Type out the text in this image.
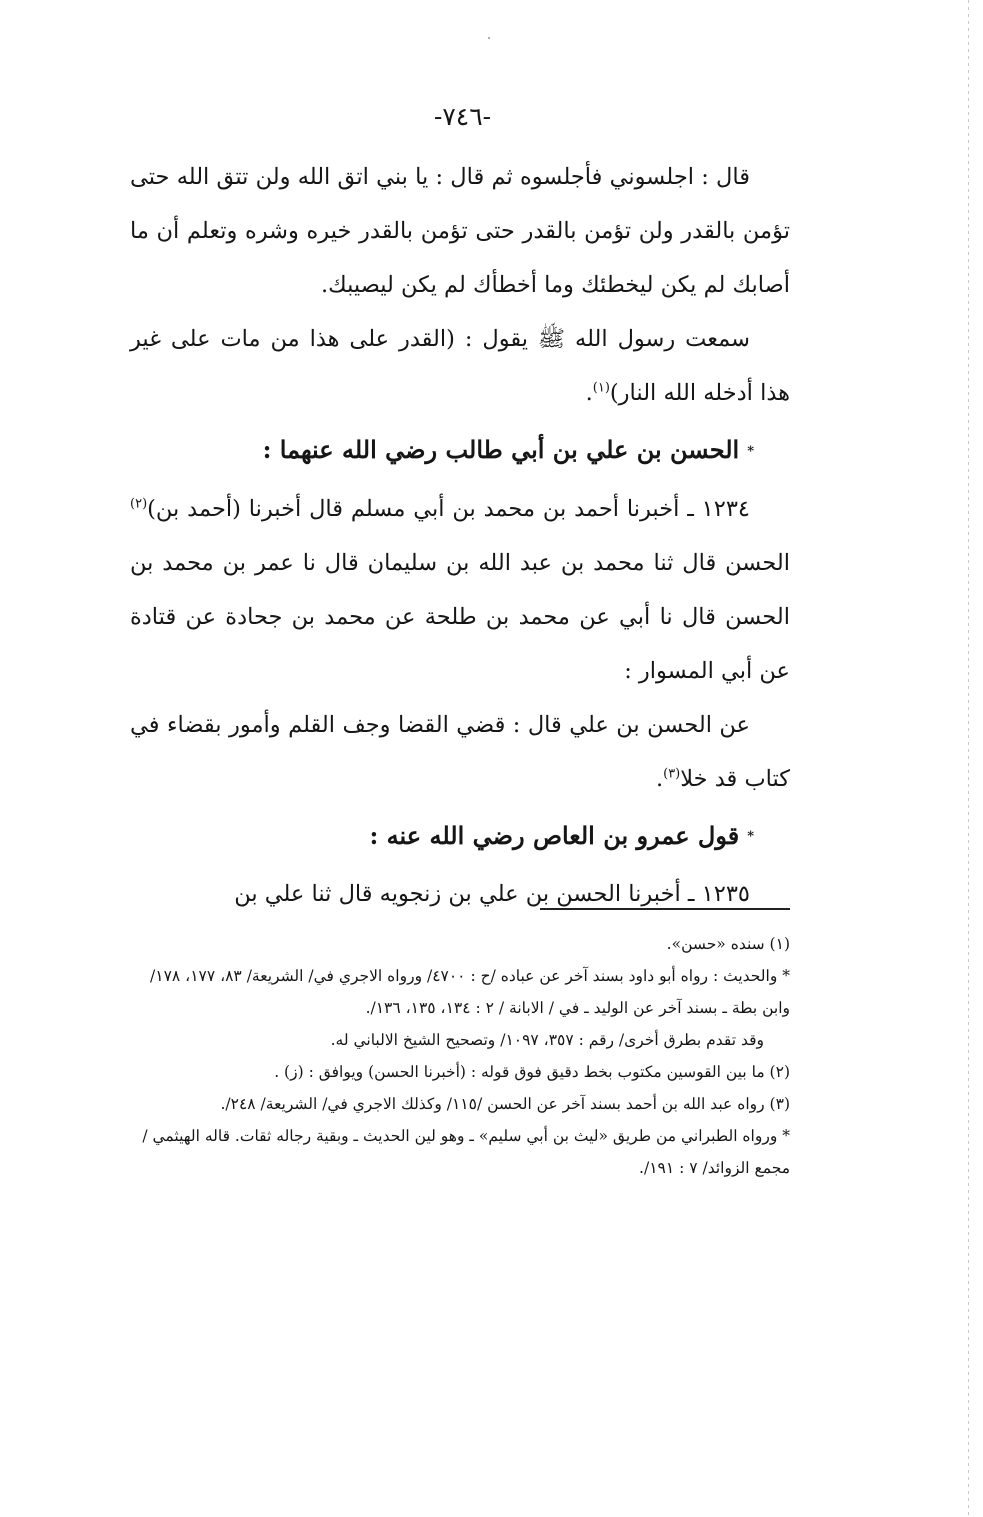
-٧٤٦-

قال : اجلسوني فأجلسوه ثم قال : يا بني اتق الله ولن تتق الله حتى تؤمن بالقدر ولن تؤمن بالقدر حتى تؤمن بالقدر خيره وشره وتعلم أن ما أصابك لم يكن ليخطئك وما أخطأك لم يكن ليصيبك.

سمعت رسول الله ﷺ يقول : (القدر على هذا من مات على غير هذا أدخله الله النار)$^{(١)}$.

*الحسن بن علي بن أبي طالب رضي الله عنهما :

١٢٣٤ ـ أخبرنا أحمد بن محمد بن أبي مسلم قال أخبرنا (أحمد بن)$^{(٢)}$ الحسن قال ثنا محمد بن عبد الله بن سليمان قال نا عمر بن محمد بن الحسن قال نا أبي عن محمد بن طلحة عن محمد بن جحادة عن قتادة عن أبي المسوار :

عن الحسن بن علي قال : قضي القضا وجف القلم وأمور بقضاء في كتاب قد خلا$^{(٣)}$.

*قول عمرو بن العاص رضي الله عنه :

١٢٣٥ ـ أخبرنا الحسن بن علي بن زنجويه قال ثنا علي بن

(١) سنده «حسن».

* والحديث : رواه أبو داود بسند آخر عن عباده /ح : ٤٧٠٠/ ورواه الاجري في/ الشريعة/ ٨٣، ١٧٧، ١٧٨/ وابن بطة ـ بسند آخر عن الوليد ـ في / الابانة / ٢ : ١٣٤، ١٣٥، ١٣٦/.

وقد تقدم بطرق أخرى/ رقم : ٣٥٧، ١٠٩٧/ وتصحيح الشيخ الالباني له.

(٢) ما بين القوسين مكتوب بخط دقيق فوق قوله : (أخبرنا الحسن) ويوافق : (ز) .

(٣) رواه عبد الله بن أحمد بسند آخر عن الحسن /١١٥/ وكذلك الاجري في/ الشريعة/ ٢٤٨/.

* ورواه الطبراني من طريق «ليث بن أبي سليم» ـ وهو لين الحديث ـ وبقية رجاله ثقات. قاله الهيثمي /مجمع الزوائد/ ٧ : ١٩١/.
